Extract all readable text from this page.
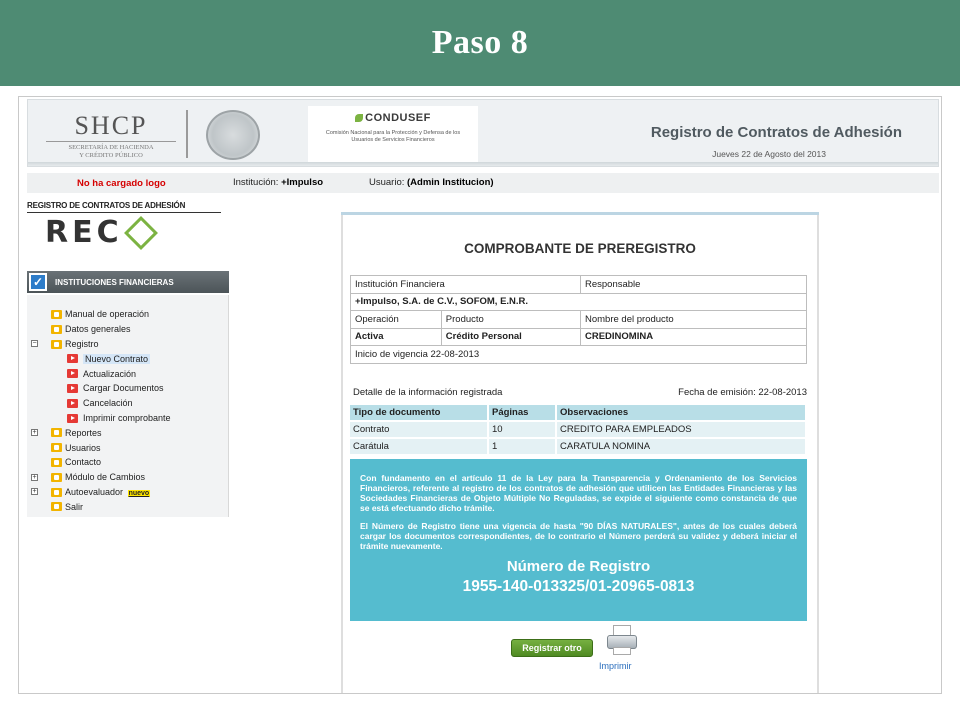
Paso 8
SHCP
SECRETARÍA DE HACIENDA
Y CRÉDITO PÚBLICO
CONDUSEF
Comisión Nacional para la Protección y Defensa de los Usuarios de Servicios Financieros	Registro de Contratos de Adhesión
Jueves 22 de Agosto del 2013
No ha cargado logo	Institución: +Impulso	Usuario: (Admin Institucion)
REGISTRO DE CONTRATOS DE ADHESIÓN
REC
✓	INSTITUCIONES FINANCIERAS
Manual de operación
Datos generales
−	Registro
Nuevo Contrato
Actualización
Cargar Documentos
Cancelación
Imprimir comprobante
+	Reportes
Usuarios
Contacto
+	Módulo de Cambios
+	Autoevaluador nuevo
Salir
COMPROBANTE DE PREREGISTRO
Institución Financiera		Responsable
+Impulso, S.A. de C.V., SOFOM, E.N.R.		
Operación	Producto	Nombre del producto
Activa	Crédito Personal	CREDINOMINA
Inicio de vigencia 22-08-2013		
Detalle de la información registrada	Fecha de emisión: 22-08-2013
Tipo de documento	Páginas	Observaciones
Contrato	10	CREDITO PARA EMPLEADOS
Carátula	1	CARATULA NOMINA

Con fundamento en el artículo 11 de la Ley para la Transparencia y Ordenamiento de los Servicios Financieros, referente al registro de los contratos de adhesión que utilicen las Entidades Financieras y las Sociedades Financieras de Objeto Múltiple No Reguladas, se expide el siguiente como constancia de que se está efectuando dicho trámite.

El Número de Registro tiene una vigencia de hasta "90 DÍAS NATURALES", antes de los cuales deberá cargar los documentos correspondientes, de lo contrario el Número perderá su validez y deberá iniciar el trámite nuevamente.

Número de Registro
1955-140-013325/01-20965-0813
Registrar otro
Imprimir
